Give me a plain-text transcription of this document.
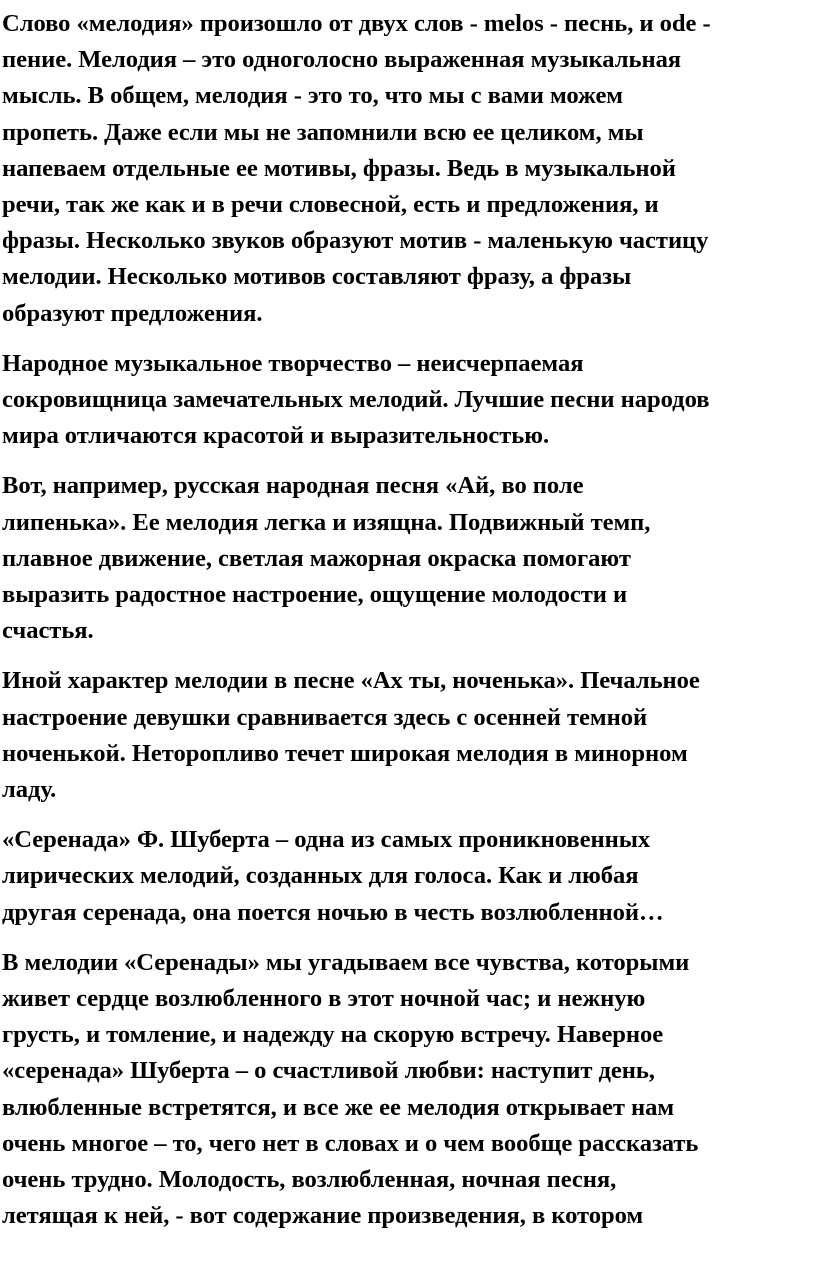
Слово «мелодия» произошло от двух слов - melos - песнь, и ode -
пение. Мелодия – это одноголосно выраженная музыкальная
мысль. В общем, мелодия - это то, что мы с вами можем
пропеть. Даже если мы не запомнили всю ее целиком, мы
напеваем отдельные ее мотивы, фразы. Ведь в музыкальной
речи, так же как и в речи словесной, есть и предложения, и
фразы. Несколько звуков образуют мотив - маленькую частицу
мелодии. Несколько мотивов составляют фразу, а фразы
образуют предложения.
Народное музыкальное творчество – неисчерпаемая
сокровищница замечательных мелодий. Лучшие песни народов
мира отличаются красотой и выразительностью.
Вот, например, русская народная песня «Ай, во поле
липенька». Ее мелодия легка и изящна. Подвижный темп,
плавное движение, светлая мажорная окраска помогают
выразить радостное настроение, ощущение молодости и
счастья.
Иной характер мелодии в песне «Ах ты, ноченька». Печальное
настроение девушки сравнивается здесь с осенней темной
ноченькой. Неторопливо течет широкая мелодия в минорном
ладу.
«Серенада» Ф. Шуберта – одна из самых проникновенных
лирических мелодий, созданных для голоса. Как и любая
другая серенада, она поется ночью в честь возлюбленной…
В мелодии «Серенады» мы угадываем все чувства, которыми
живет сердце возлюбленного в этот ночной час; и нежную
грусть, и томление, и надежду на скорую встречу. Наверное
«серенада» Шуберта – о счастливой любви: наступит день,
влюбленные встретятся, и все же ее мелодия открывает нам
очень многое – то, чего нет в словах и о чем вообще рассказать
очень трудно. Молодость, возлюбленная, ночная песня,
летящая к ней, - вот содержание произведения, в котором
